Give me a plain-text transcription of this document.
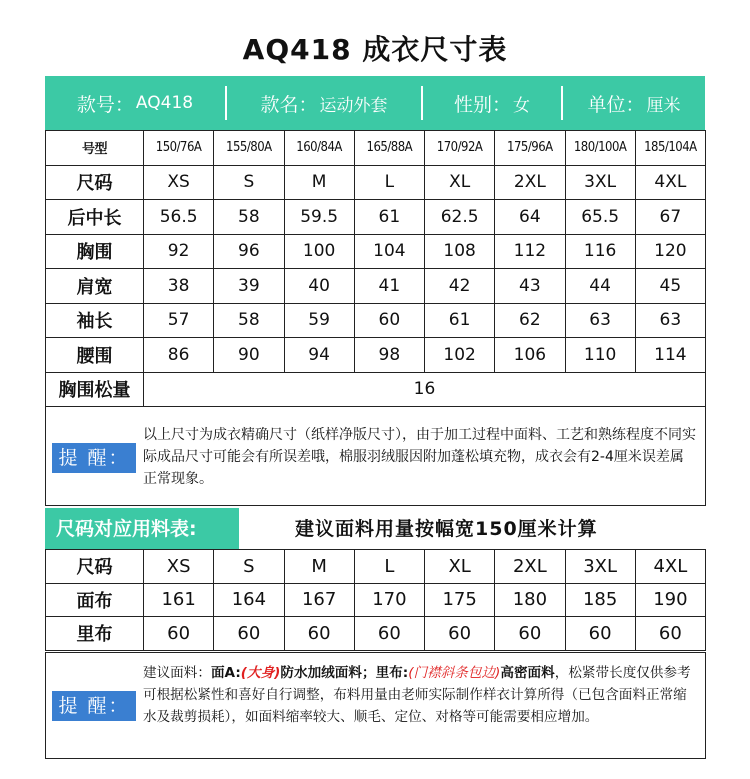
AQ418 成衣尺寸表
款号： AQ418	款名： 运动外套	性别： 女	单位： 厘米
号型	150/76A	155/80A	160/84A	165/88A	170/92A	175/96A	180/100A	185/104A
尺码	XS	S	M	L	XL	2XL	3XL	4XL
后中长	56.5	58	59.5	61	62.5	64	65.5	67
胸围	92	96	100	104	108	112	116	120
肩宽	38	39	40	41	42	43	44	45
袖长	57	58	59	60	61	62	63	63
腰围	86	90	94	98	102	106	110	114
胸围松量	16							
提 醒：
以上尺寸为成衣精确尺寸（纸样净版尺寸），由于加工过程中面料、工艺和熟练程度不同实际成品尺寸可能会有所误差哦，棉服羽绒服因附加蓬松填充物，成衣会有2-4厘米误差属正常现象。
尺码对应用料表:	建议面料用量按幅宽150厘米计算
尺码	XS	S	M	L	XL	2XL	3XL	4XL
面布	161	164	167	170	175	180	185	190
里布	60	60	60	60	60	60	60	60
提 醒：
建议面料：面A:(大身)防水加绒面料；里布:(门襟斜条包边)高密面料，松紧带长度仅供参考可根据松紧性和喜好自行调整，布料用量由老师实际制作样衣计算所得（已包含面料正常缩水及裁剪损耗），如面料缩率较大、顺毛、定位、对格等可能需要相应增加。
